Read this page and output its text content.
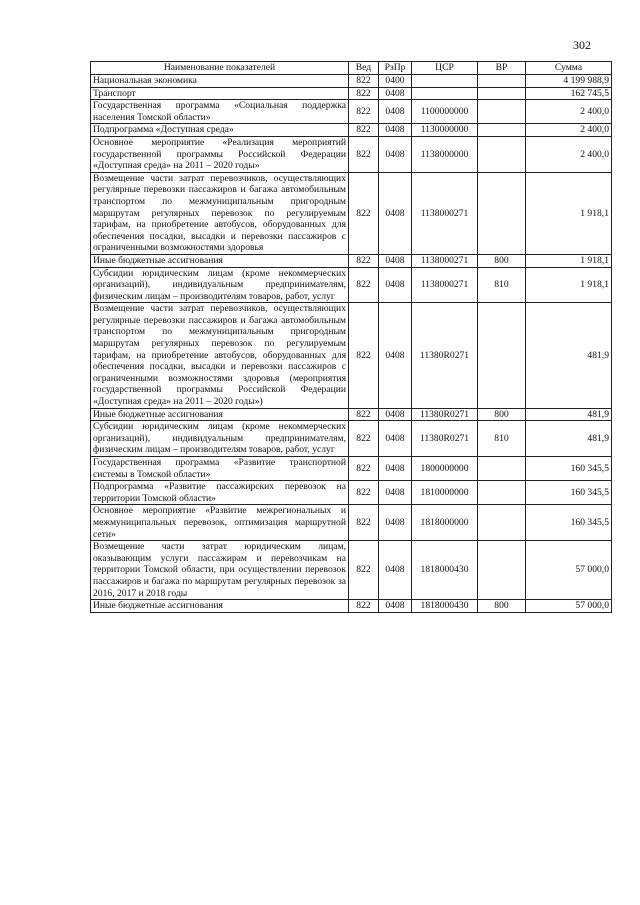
302
Наименование показателей	Вед	РзПр	ЦСР	ВР	Сумма
Национальная экономика	822	0400			4 199 988,9
Транспорт	822	0408			162 745,5
Государственная программа «Социальная поддержка населения Томской области»	822	0408	1100000000		2 400,0
Подпрограмма «Доступная среда»	822	0408	1130000000		2 400,0
Основное мероприятие «Реализация мероприятий государственной программы Российской Федерации «Доступная среда» на 2011 – 2020 годы»	822	0408	1138000000		2 400,0
Возмещение части затрат перевозчиков, осуществляющих регулярные перевозки пассажиров и багажа автомобильным транспортом по межмуниципальным пригородным маршрутам регулярных перевозок по регулируемым тарифам, на приобретение автобусов, оборудованных для обеспечения посадки, высадки и перевозки пассажиров с ограниченными возможностями здоровья	822	0408	1138000271		1 918,1
Иные бюджетные ассигнования	822	0408	1138000271	800	1 918,1
Субсидии юридическим лицам (кроме некоммерческих организаций), индивидуальным предпринимателям, физическим лицам – производителям товаров, работ, услуг	822	0408	1138000271	810	1 918,1
Возмещение части затрат перевозчиков, осуществляющих регулярные перевозки пассажиров и багажа автомобильным транспортом по межмуниципальным пригородным маршрутам регулярных перевозок по регулируемым тарифам, на приобретение автобусов, оборудованных для обеспечения посадки, высадки и перевозки пассажиров с ограниченными возможностями здоровья (мероприятия государственной программы Российской Федерации «Доступная среда» на 2011 – 2020 годы»)	822	0408	11380R0271		481,9
Иные бюджетные ассигнования	822	0408	11380R0271	800	481,9
Субсидии юридическим лицам (кроме некоммерческих организаций), индивидуальным предпринимателям, физическим лицам – производителям товаров, работ, услуг	822	0408	11380R0271	810	481,9
Государственная программа «Развитие транспортной системы в Томской области»	822	0408	1800000000		160 345,5
Подпрограмма «Развитие пассажирских перевозок на территории Томской области»	822	0408	1810000000		160 345,5
Основное мероприятие «Развитие межрегиональных и межмуниципальных перевозок, оптимизация маршрутной сети»	822	0408	1818000000		160 345,5
Возмещение части затрат юридическим лицам, оказывающим услуги пассажирам и перевозчикам на территории Томской области, при осуществлении перевозок пассажиров и багажа по маршрутам регулярных перевозок за 2016, 2017 и 2018 годы	822	0408	1818000430		57 000,0
Иные бюджетные ассигнования	822	0408	1818000430	800	57 000,0
